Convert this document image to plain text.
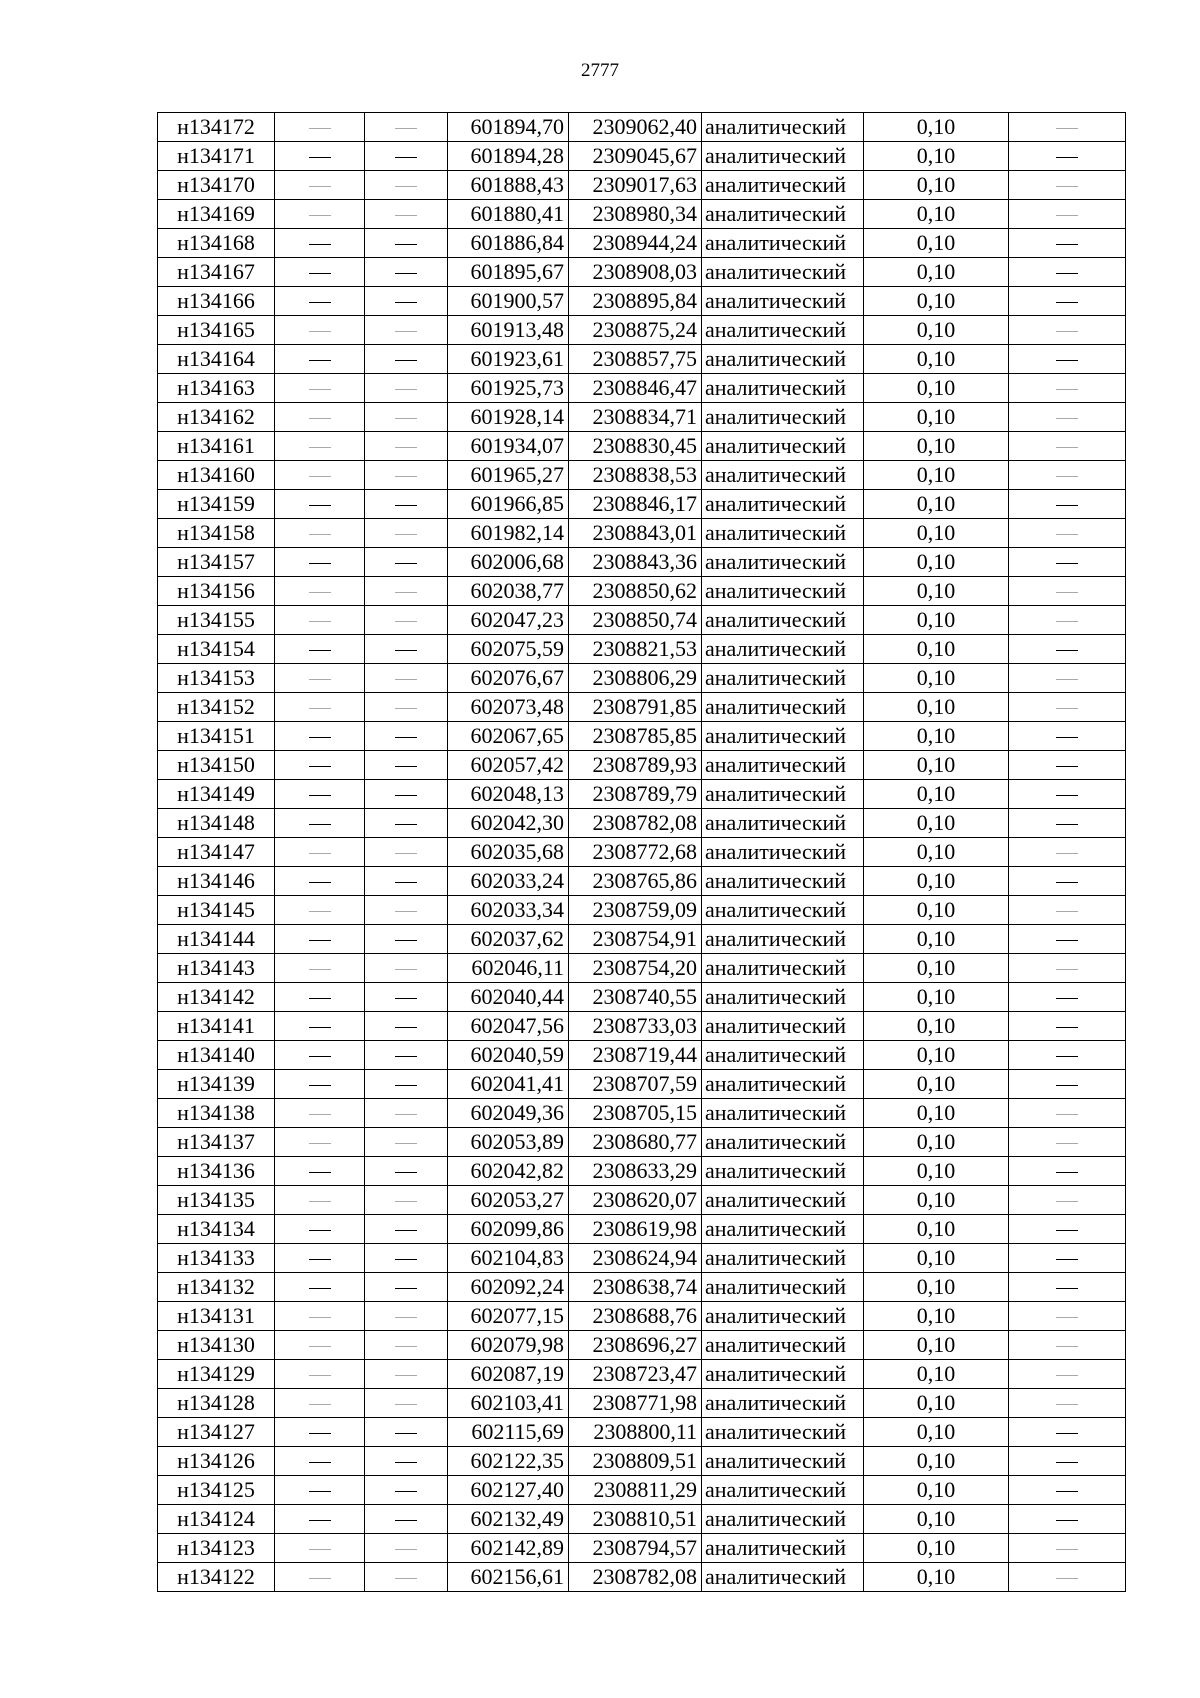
2777
н134172			601894,70	2309062,40	аналитический	0,10	
н134171			601894,28	2309045,67	аналитический	0,10	
н134170			601888,43	2309017,63	аналитический	0,10	
н134169			601880,41	2308980,34	аналитический	0,10	
н134168			601886,84	2308944,24	аналитический	0,10	
н134167			601895,67	2308908,03	аналитический	0,10	
н134166			601900,57	2308895,84	аналитический	0,10	
н134165			601913,48	2308875,24	аналитический	0,10	
н134164			601923,61	2308857,75	аналитический	0,10	
н134163			601925,73	2308846,47	аналитический	0,10	
н134162			601928,14	2308834,71	аналитический	0,10	
н134161			601934,07	2308830,45	аналитический	0,10	
н134160			601965,27	2308838,53	аналитический	0,10	
н134159			601966,85	2308846,17	аналитический	0,10	
н134158			601982,14	2308843,01	аналитический	0,10	
н134157			602006,68	2308843,36	аналитический	0,10	
н134156			602038,77	2308850,62	аналитический	0,10	
н134155			602047,23	2308850,74	аналитический	0,10	
н134154			602075,59	2308821,53	аналитический	0,10	
н134153			602076,67	2308806,29	аналитический	0,10	
н134152			602073,48	2308791,85	аналитический	0,10	
н134151			602067,65	2308785,85	аналитический	0,10	
н134150			602057,42	2308789,93	аналитический	0,10	
н134149			602048,13	2308789,79	аналитический	0,10	
н134148			602042,30	2308782,08	аналитический	0,10	
н134147			602035,68	2308772,68	аналитический	0,10	
н134146			602033,24	2308765,86	аналитический	0,10	
н134145			602033,34	2308759,09	аналитический	0,10	
н134144			602037,62	2308754,91	аналитический	0,10	
н134143			602046,11	2308754,20	аналитический	0,10	
н134142			602040,44	2308740,55	аналитический	0,10	
н134141			602047,56	2308733,03	аналитический	0,10	
н134140			602040,59	2308719,44	аналитический	0,10	
н134139			602041,41	2308707,59	аналитический	0,10	
н134138			602049,36	2308705,15	аналитический	0,10	
н134137			602053,89	2308680,77	аналитический	0,10	
н134136			602042,82	2308633,29	аналитический	0,10	
н134135			602053,27	2308620,07	аналитический	0,10	
н134134			602099,86	2308619,98	аналитический	0,10	
н134133			602104,83	2308624,94	аналитический	0,10	
н134132			602092,24	2308638,74	аналитический	0,10	
н134131			602077,15	2308688,76	аналитический	0,10	
н134130			602079,98	2308696,27	аналитический	0,10	
н134129			602087,19	2308723,47	аналитический	0,10	
н134128			602103,41	2308771,98	аналитический	0,10	
н134127			602115,69	2308800,11	аналитический	0,10	
н134126			602122,35	2308809,51	аналитический	0,10	
н134125			602127,40	2308811,29	аналитический	0,10	
н134124			602132,49	2308810,51	аналитический	0,10	
н134123			602142,89	2308794,57	аналитический	0,10	
н134122			602156,61	2308782,08	аналитический	0,10	
